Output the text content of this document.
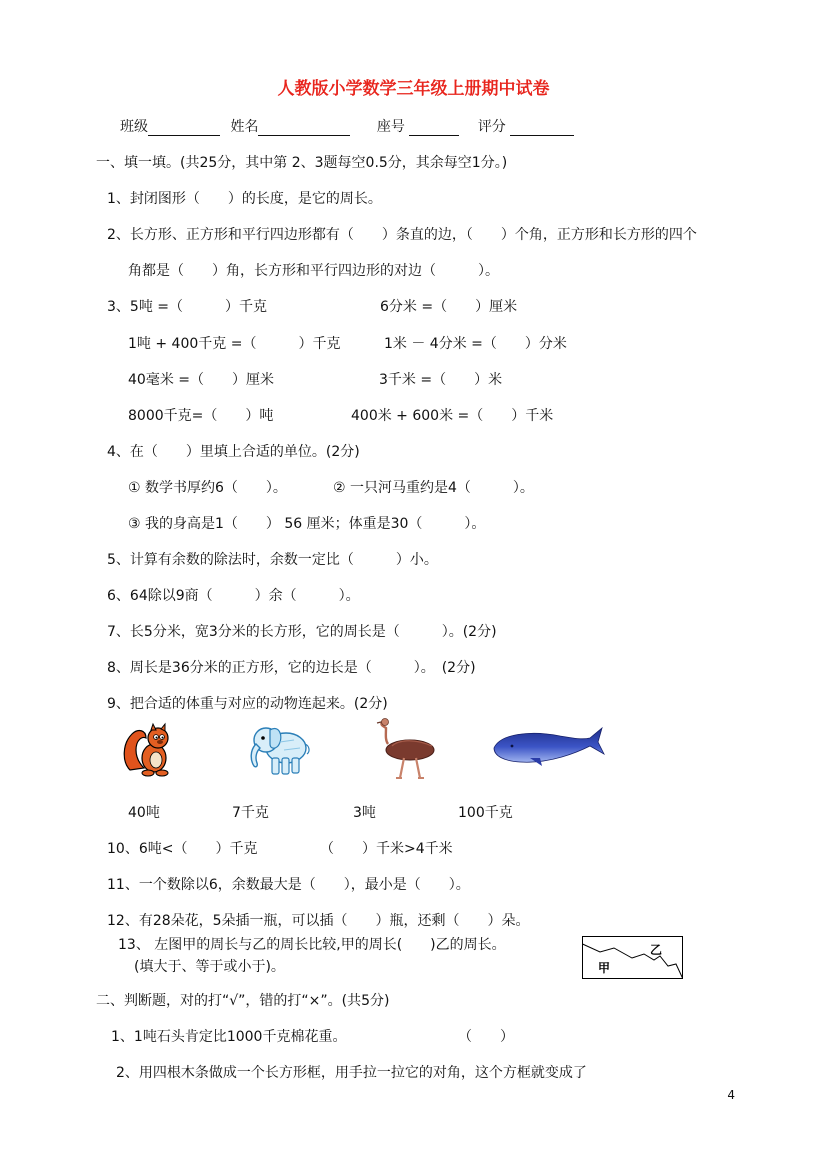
人教版小学数学三年级上册期中试卷
班级	姓名	座号	评分
一、填一填。(共25分，其中第 2、3题每空0.5分，其余每空1分。)
1、封闭图形（　　）的长度，是它的周长。
2、长方形、正方形和平行四边形都有（　　）条直的边，（　　）个角，正方形和长方形的四个
角都是（　　）角，长方形和平行四边形的对边（　　　）。
3、5吨 =（　　　）千克	6分米 =（　　）厘米
1吨 + 400千克 =（　　　）千克	1米 － 4分米 =（　　）分米
40毫米 =（　　）厘米	3千米 =（　　）米
8000千克=（　　）吨	400米 + 600米 =（　　）千米
4、在（　　）里填上合适的单位。(2分)
① 数学书厚约6（　　）。	② 一只河马重约是4（　　　）。
③ 我的身高是1（　　） 56 厘米；体重是30（　　　）。
5、计算有余数的除法时，余数一定比（　　　）小。
6、64除以9商（　　　）余（　　　）。
7、长5分米，宽3分米的长方形，它的周长是（　　　）。(2分)
8、周长是36分米的正方形，它的边长是（　　　）。　(2分)
9、把合适的体重与对应的动物连起来。(2分)
40吨	7千克	3吨	100千克
10、6吨<（　　）千克	（　　）千米>4千米
11、一个数除以6，余数最大是（　　），最小是（　　）。
12、有28朵花，5朵插一瓶，可以插（　　）瓶，还剩（　　）朵。
13、 左图甲的周长与乙的周长比较,甲的周长(　　)乙的周长。
(填大于、等于或小于)。	甲
乙
二、判断题，对的打“√”，错的打“×”。(共5分)
1、1吨石头肯定比1000千克棉花重。	（　　）
2、用四根木条做成一个长方形框，用手拉一拉它的对角，这个方框就变成了
4
